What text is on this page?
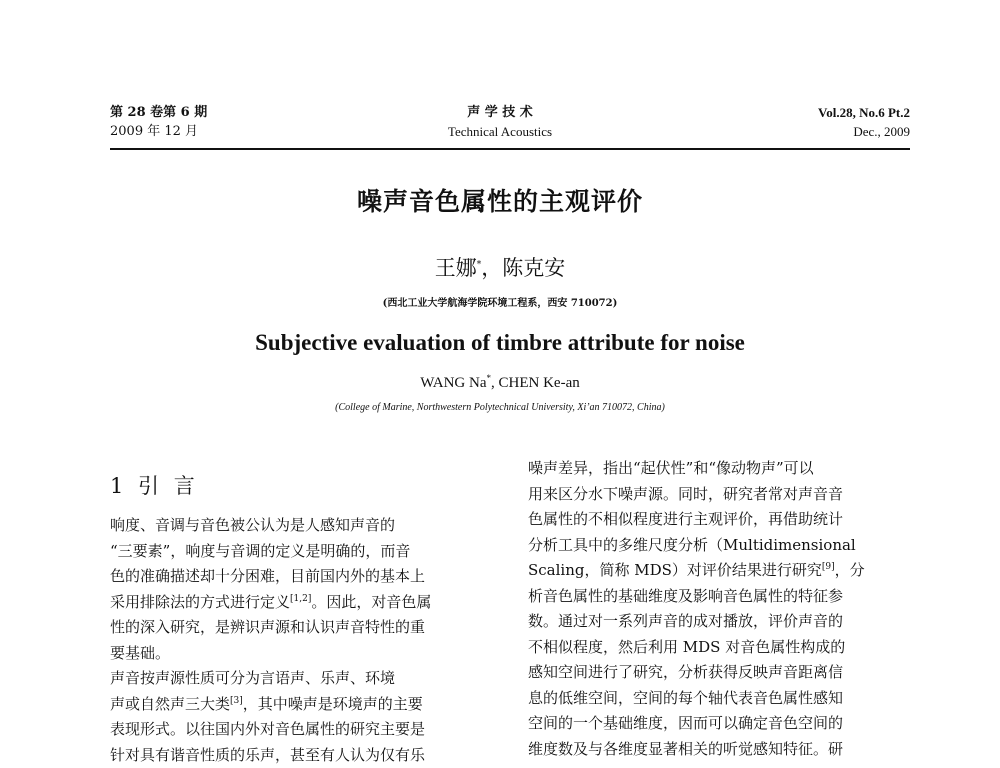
第 28 卷第 6 期
2009 年 12 月
声 学 技 术
Technical Acoustics
Vol.28, No.6 Pt.2
Dec., 2009
噪声音色属性的主观评价
王娜*，陈克安
(西北工业大学航海学院环境工程系，西安 710072)
Subjective evaluation of timbre attribute for noise
WANG Na*, CHEN Ke-an
(College of Marine, Northwestern Polytechnical University, Xi’an 710072, China)
1 引 言

响度、音调与音色被公认为是人感知声音的

“三要素”，响度与音调的定义是明确的，而音

色的准确描述却十分困难，目前国内外的基本上

采用排除法的方式进行定义[1,2]。因此，对音色属

性的深入研究，是辨识声源和认识声音特性的重

要基础。

声音按声源性质可分为言语声、乐声、环境

声或自然声三大类[3]，其中噪声是环境声的主要

表现形式。以往国内外对音色属性的研究主要是

针对具有谐音性质的乐声，甚至有人认为仅有乐

噪声差异，指出“起伏性”和“像动物声”可以

用来区分水下噪声源。同时，研究者常对声音音

色属性的不相似程度进行主观评价，再借助统计

分析工具中的多维尺度分析（Multidimensional

Scaling，简称 MDS）对评价结果进行研究[9]，分

析音色属性的基础维度及影响音色属性的特征参

数。通过对一系列声音的成对播放，评价声音的

不相似程度，然后利用 MDS 对音色属性构成的

感知空间进行了研究，分析获得反映声音距离信

息的低维空间，空间的每个轴代表音色属性感知

空间的一个基础维度，因而可以确定音色空间的

维度数及与各维度显著相关的听觉感知特征。研
